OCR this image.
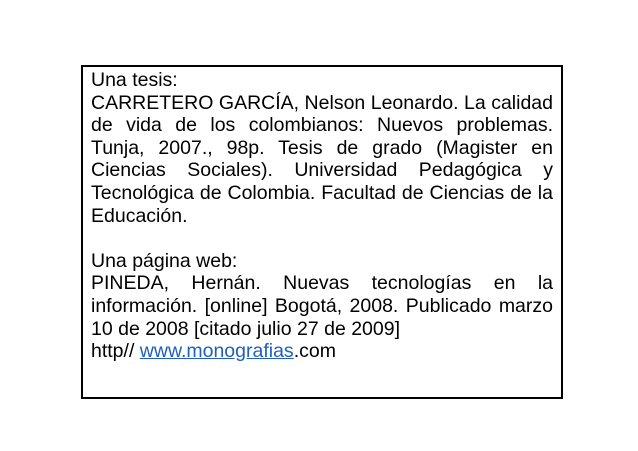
Una tesis:

CARRETERO GARCÍA, Nelson Leonardo. La calidad de vida de los colombianos: Nuevos problemas. Tunja, 2007., 98p. Tesis de grado (Magister en Ciencias Sociales). Universidad Pedagógica y Tecnológica de Colombia. Facultad de Ciencias de la Educación.

Una página web:

PINEDA, Hernán. Nuevas tecnologías en la información. [online] Bogotá, 2008. Publicado marzo 10 de 2008 [citado julio 27 de 2009]

http// www.monografias.com
